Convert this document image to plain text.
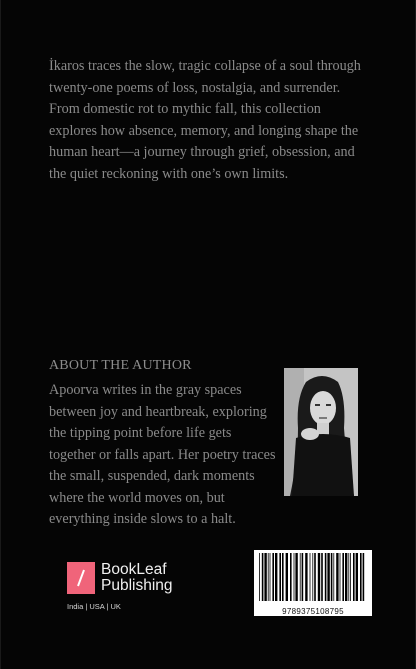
İkaros traces the slow, tragic collapse of a soul through
twenty-one poems of loss, nostalgia, and surrender.
From domestic rot to mythic fall, this collection
explores how absence, memory, and longing shape the
human heart—a journey through grief, obsession, and
the quiet reckoning with one’s own limits.
ABOUT THE AUTHOR
Apoorva writes in the gray spaces
between joy and heartbreak, exploring
the tipping point before life gets
together or falls apart. Her poetry traces
the small, suspended, dark moments
where the world moves on, but
everything inside slows to a halt.
BookLeaf
Publishing
India | USA | UK
9789375108795
